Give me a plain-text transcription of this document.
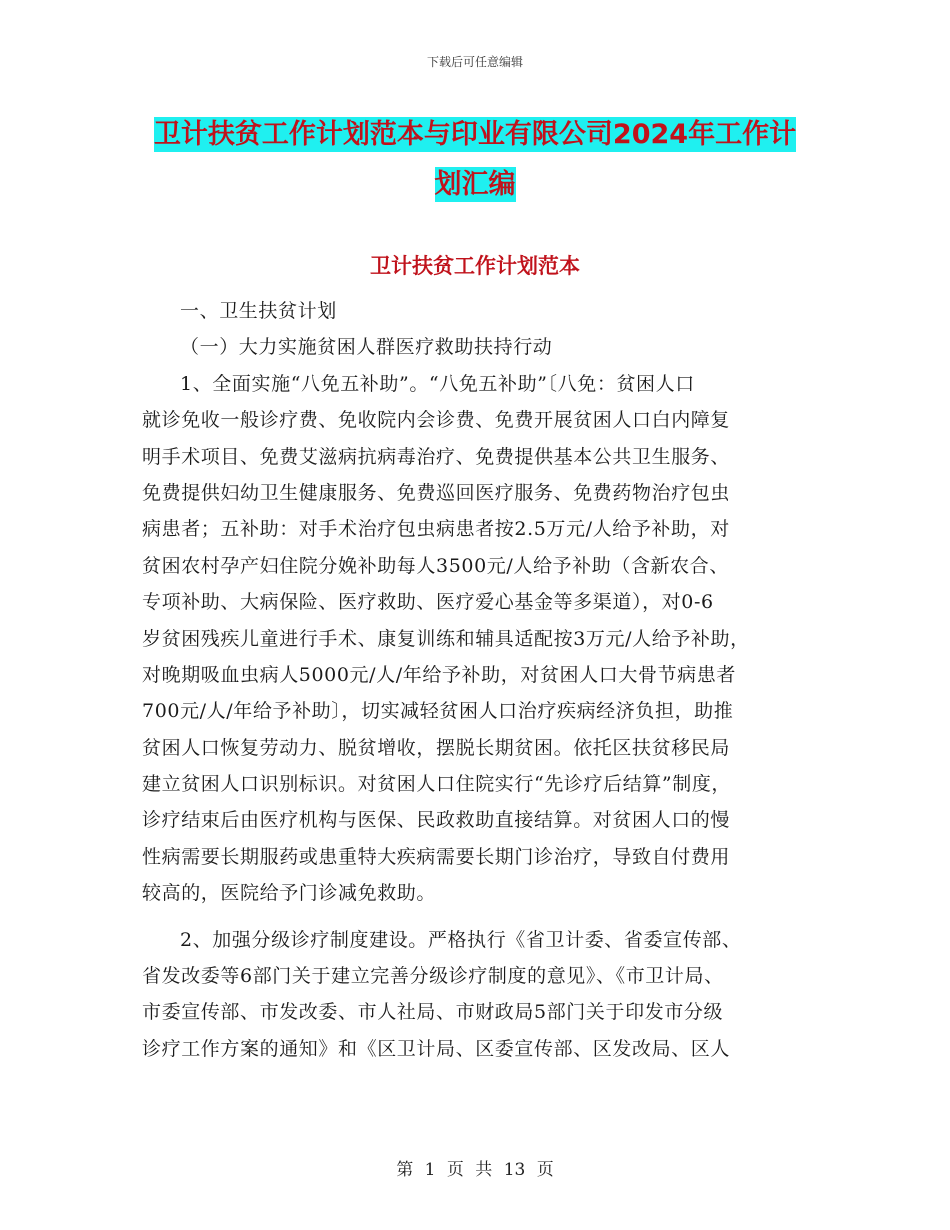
下载后可任意编辑
卫计扶贫工作计划范本与印业有限公司2024年工作计
划汇编
卫计扶贫工作计划范本
一、卫生扶贫计划
（一）大力实施贫困人群医疗救助扶持行动
1、全面实施“八免五补助”。“八免五补助”〔八免：贫困人口
就诊免收一般诊疗费、免收院内会诊费、免费开展贫困人口白内障复
明手术项目、免费艾滋病抗病毒治疗、免费提供基本公共卫生服务、
免费提供妇幼卫生健康服务、免费巡回医疗服务、免费药物治疗包虫
病患者；五补助：对手术治疗包虫病患者按2.5万元/人给予补助，对
贫困农村孕产妇住院分娩补助每人3500元/人给予补助（含新农合、
专项补助、大病保险、医疗救助、医疗爱心基金等多渠道），对0-6
岁贫困残疾儿童进行手术、康复训练和辅具适配按3万元/人给予补助，
对晚期吸血虫病人5000元/人/年给予补助，对贫困人口大骨节病患者
700元/人/年给予补助〕，切实减轻贫困人口治疗疾病经济负担，助推
贫困人口恢复劳动力、脱贫增收，摆脱长期贫困。依托区扶贫移民局
建立贫困人口识别标识。对贫困人口住院实行“先诊疗后结算”制度，
诊疗结束后由医疗机构与医保、民政救助直接结算。对贫困人口的慢
性病需要长期服药或患重特大疾病需要长期门诊治疗，导致自付费用
较高的，医院给予门诊减免救助。
2、加强分级诊疗制度建设。严格执行《省卫计委、省委宣传部、
省发改委等6部门关于建立完善分级诊疗制度的意见》、《市卫计局、
市委宣传部、市发改委、市人社局、市财政局5部门关于印发市分级
诊疗工作方案的通知》和《区卫计局、区委宣传部、区发改局、区人
第 1 页 共 13 页
